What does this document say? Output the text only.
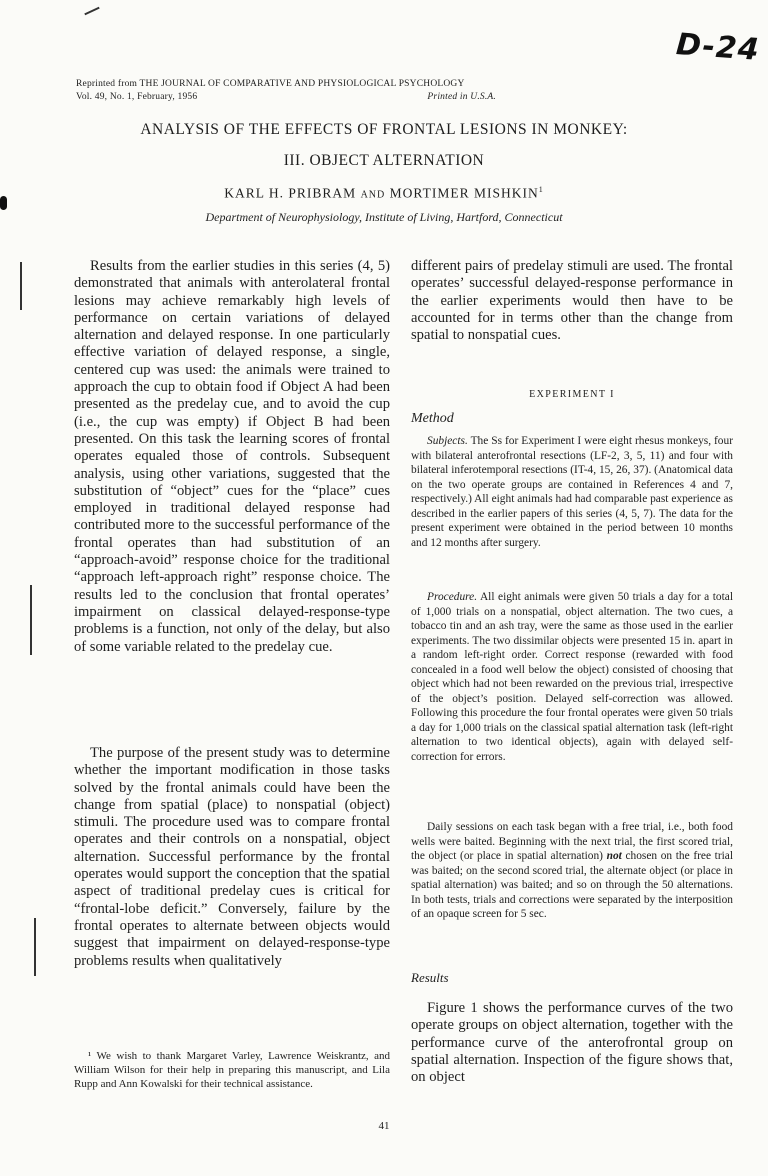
D-24
Reprinted from THE JOURNAL OF COMPARATIVE AND PHYSIOLOGICAL PSYCHOLOGY
Vol. 49, No. 1, February, 1956	Printed in U.S.A.
ANALYSIS OF THE EFFECTS OF FRONTAL LESIONS IN MONKEY:
III. OBJECT ALTERNATION
KARL H. PRIBRAM AND MORTIMER MISHKIN$^1$
Department of Neurophysiology, Institute of Living, Hartford, Connecticut

Results from the earlier studies in this series (4, 5) demonstrated that animals with anterolateral frontal lesions may achieve remarkably high levels of performance on certain variations of delayed alternation and delayed response. In one particularly effective variation of delayed response, a single, centered cup was used: the animals were trained to approach the cup to obtain food if Object A had been presented as the predelay cue, and to avoid the cup (i.e., the cup was empty) if Object B had been presented. On this task the learning scores of frontal operates equaled those of controls. Subsequent analysis, using other variations, suggested that the substitution of “object” cues for the “place” cues employed in traditional delayed response had contributed more to the successful performance of the frontal operates than had substitution of an “approach-avoid” response choice for the traditional “approach left-approach right” response choice. The results led to the conclusion that frontal operates’ impairment on classical delayed-response-type problems is a function, not only of the delay, but also of some variable related to the predelay cue.

The purpose of the present study was to determine whether the important modification in those tasks solved by the frontal animals could have been the change from spatial (place) to nonspatial (object) stimuli. The procedure used was to compare frontal operates and their controls on a nonspatial, object alternation. Successful performance by the frontal operates would support the conception that the spatial aspect of traditional predelay cues is critical for “frontal-lobe deficit.” Conversely, failure by the frontal operates to alternate between objects would suggest that impairment on delayed-response-type problems results when qualitatively

¹ We wish to thank Margaret Varley, Lawrence Weiskrantz, and William Wilson for their help in preparing this manuscript, and Lila Rupp and Ann Kowalski for their technical assistance.

different pairs of predelay stimuli are used. The frontal operates’ successful delayed-response performance in the earlier experiments would then have to be accounted for in terms other than the change from spatial to nonspatial cues.

EXPERIMENT I
Method

Subjects. The Ss for Experiment I were eight rhesus monkeys, four with bilateral anterofrontal resections (LF-2, 3, 5, 11) and four with bilateral inferotemporal resections (IT-4, 15, 26, 37). (Anatomical data on the two operate groups are contained in References 4 and 7, respectively.) All eight animals had had comparable past experience as described in the earlier papers of this series (4, 5, 7). The data for the present experiment were obtained in the period between 10 months and 12 months after surgery.

Procedure. All eight animals were given 50 trials a day for a total of 1,000 trials on a nonspatial, object alternation. The two cues, a tobacco tin and an ash tray, were the same as those used in the earlier experiments. The two dissimilar objects were presented 15 in. apart in a random left-right order. Correct response (rewarded with food concealed in a food well below the object) consisted of choosing that object which had not been rewarded on the previous trial, irrespective of the object’s position. Delayed self-correction was allowed. Following this procedure the four frontal operates were given 50 trials a day for 1,000 trials on the classical spatial alternation task (left-right alternation to two identical objects), again with delayed self-correction for errors.

Daily sessions on each task began with a free trial, i.e., both food wells were baited. Beginning with the next trial, the first scored trial, the object (or place in spatial alternation) not chosen on the free trial was baited; on the second scored trial, the alternate object (or place in spatial alternation) was baited; and so on through the 50 alternations. In both tests, trials and corrections were separated by the interposition of an opaque screen for 5 sec.

Results

Figure 1 shows the performance curves of the two operate groups on object alternation, together with the performance curve of the anterofrontal group on spatial alternation. Inspection of the figure shows that, on object

41
